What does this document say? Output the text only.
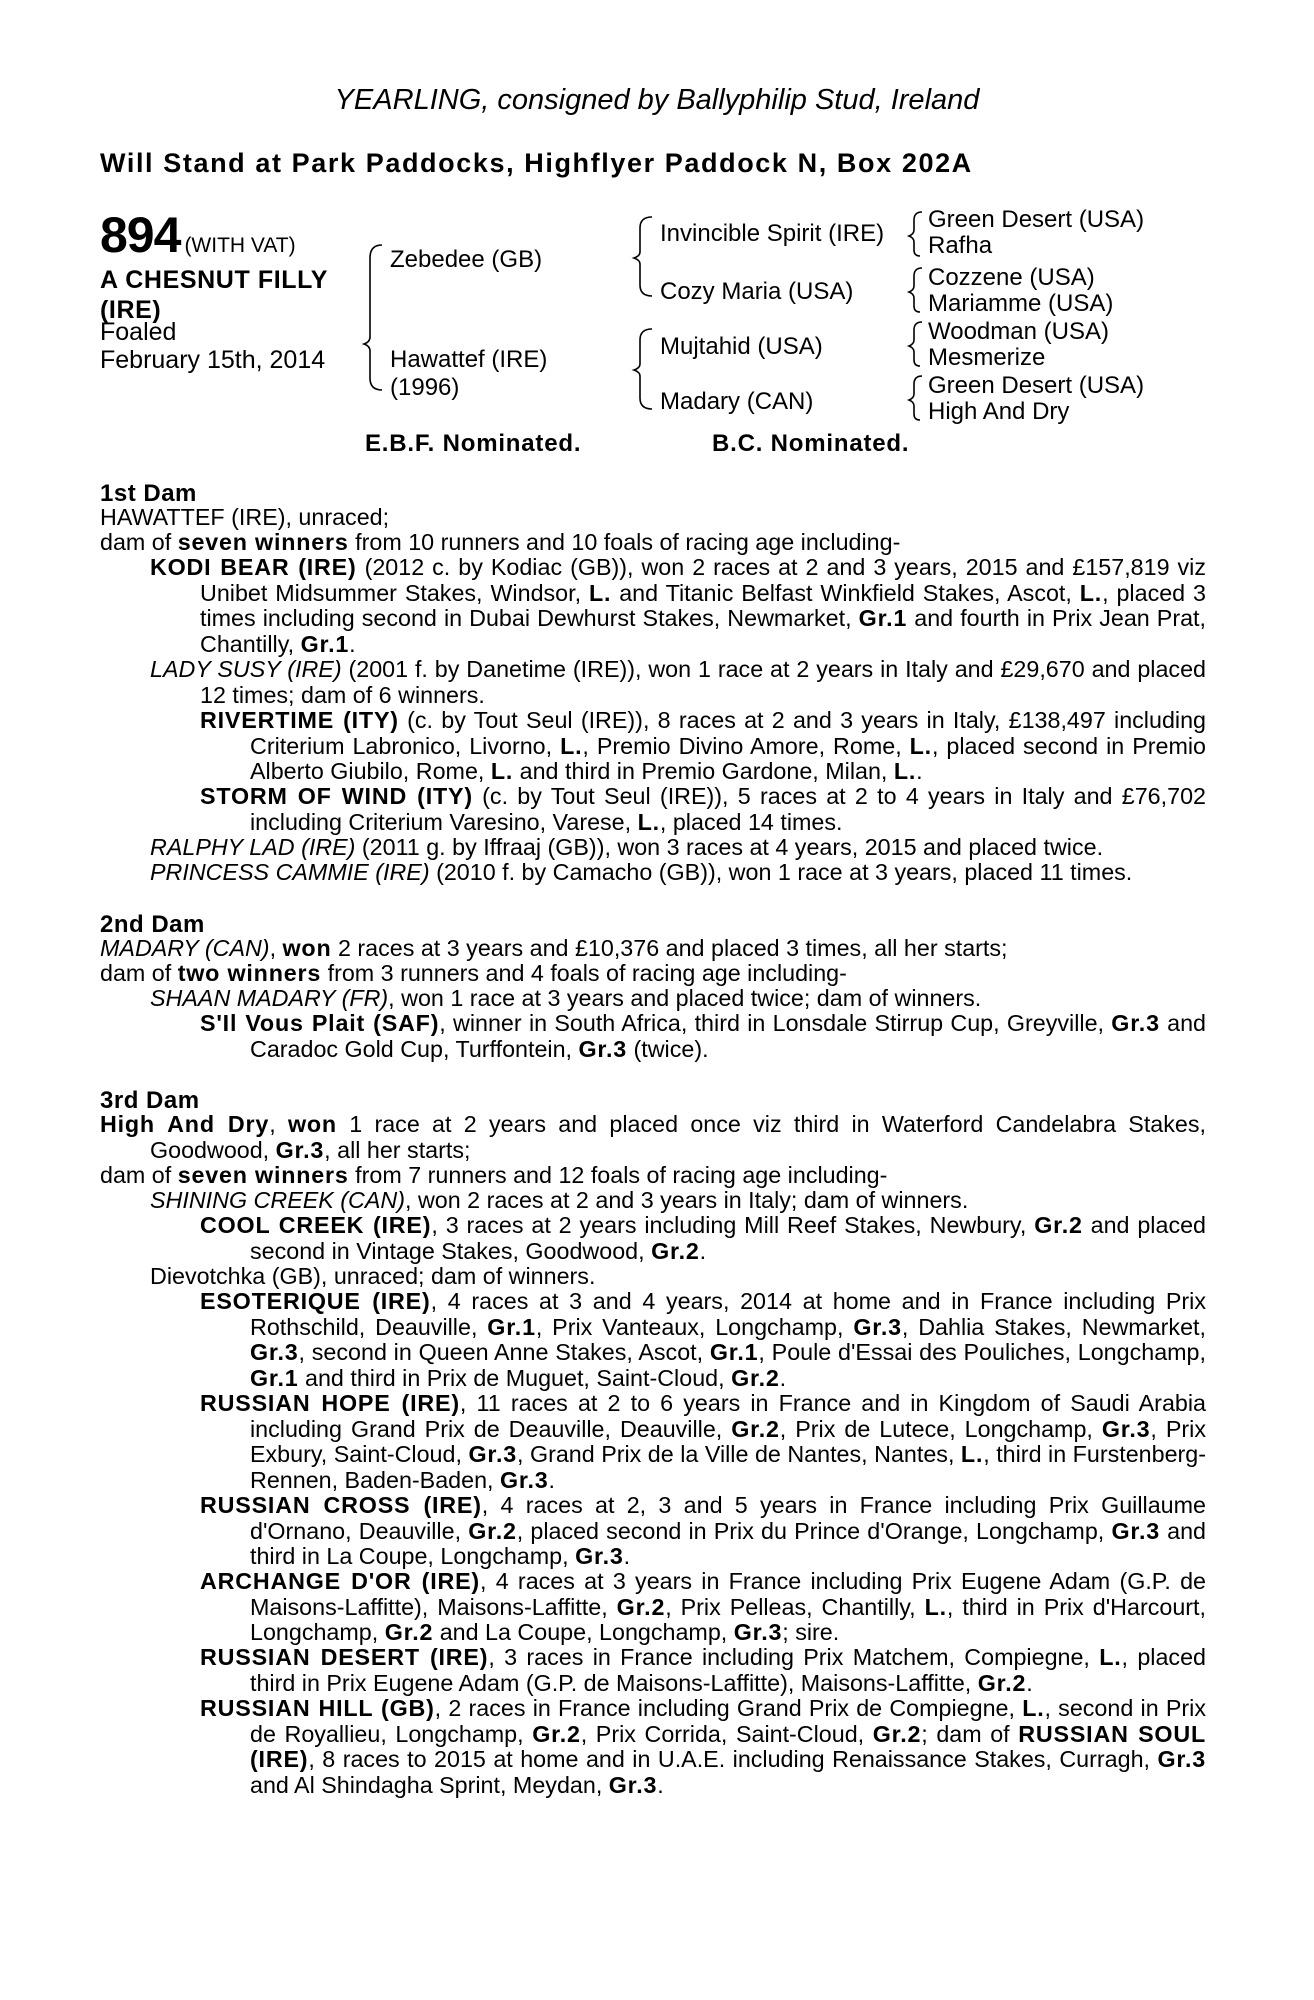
YEARLING, consigned by Ballyphilip Stud, Ireland
Will Stand at Park Paddocks, Highflyer Paddock N, Box 202A
894 (WITH VAT)
A CHESNUT FILLY (IRE)
Foaled
February 15th, 2014
Zebedee (GB)
Hawattef (IRE)
(1996)
Invincible Spirit (IRE)
Cozy Maria (USA)
Mujtahid (USA)
Madary (CAN)
Green Desert (USA)
Rafha
Cozzene (USA)
Mariamme (USA)
Woodman (USA)
Mesmerize
Green Desert (USA)
High And Dry
E.B.F. Nominated.	B.C. Nominated.
1st Dam
HAWATTEF (IRE), unraced;
dam of seven winners from 10 runners and 10 foals of racing age including-
KODI BEAR (IRE) (2012 c. by Kodiac (GB)), won 2 races at 2 and 3 years, 2015 and £157,819 viz Unibet Midsummer Stakes, Windsor, L. and Titanic Belfast Winkfield Stakes, Ascot, L., placed 3 times including second in Dubai Dewhurst Stakes, Newmarket, Gr.1 and fourth in Prix Jean Prat, Chantilly, Gr.1.
LADY SUSY (IRE) (2001 f. by Danetime (IRE)), won 1 race at 2 years in Italy and £29,670 and placed 12 times; dam of 6 winners.
RIVERTIME (ITY) (c. by Tout Seul (IRE)), 8 races at 2 and 3 years in Italy, £138,497 including Criterium Labronico, Livorno, L., Premio Divino Amore, Rome, L., placed second in Premio Alberto Giubilo, Rome, L. and third in Premio Gardone, Milan, L..
STORM OF WIND (ITY) (c. by Tout Seul (IRE)), 5 races at 2 to 4 years in Italy and £76,702 including Criterium Varesino, Varese, L., placed 14 times.
RALPHY LAD (IRE) (2011 g. by Iffraaj (GB)), won 3 races at 4 years, 2015 and placed twice.
PRINCESS CAMMIE (IRE) (2010 f. by Camacho (GB)), won 1 race at 3 years, placed 11 times.
2nd Dam
MADARY (CAN), won 2 races at 3 years and £10,376 and placed 3 times, all her starts;
dam of two winners from 3 runners and 4 foals of racing age including-
SHAAN MADARY (FR), won 1 race at 3 years and placed twice; dam of winners.
S'Il Vous Plait (SAF), winner in South Africa, third in Lonsdale Stirrup Cup, Greyville, Gr.3 and Caradoc Gold Cup, Turffontein, Gr.3 (twice).
3rd Dam
High And Dry, won 1 race at 2 years and placed once viz third in Waterford Candelabra Stakes, Goodwood, Gr.3, all her starts;
dam of seven winners from 7 runners and 12 foals of racing age including-
SHINING CREEK (CAN), won 2 races at 2 and 3 years in Italy; dam of winners.
COOL CREEK (IRE), 3 races at 2 years including Mill Reef Stakes, Newbury, Gr.2 and placed second in Vintage Stakes, Goodwood, Gr.2.
Dievotchka (GB), unraced; dam of winners.
ESOTERIQUE (IRE), 4 races at 3 and 4 years, 2014 at home and in France including Prix Rothschild, Deauville, Gr.1, Prix Vanteaux, Longchamp, Gr.3, Dahlia Stakes, Newmarket, Gr.3, second in Queen Anne Stakes, Ascot, Gr.1, Poule d'Essai des Pouliches, Longchamp, Gr.1 and third in Prix de Muguet, Saint-Cloud, Gr.2.
RUSSIAN HOPE (IRE), 11 races at 2 to 6 years in France and in Kingdom of Saudi Arabia including Grand Prix de Deauville, Deauville, Gr.2, Prix de Lutece, Longchamp, Gr.3, Prix Exbury, Saint-Cloud, Gr.3, Grand Prix de la Ville de Nantes, Nantes, L., third in Furstenberg-Rennen, Baden-Baden, Gr.3.
RUSSIAN CROSS (IRE), 4 races at 2, 3 and 5 years in France including Prix Guillaume d'Ornano, Deauville, Gr.2, placed second in Prix du Prince d'Orange, Longchamp, Gr.3 and third in La Coupe, Longchamp, Gr.3.
ARCHANGE D'OR (IRE), 4 races at 3 years in France including Prix Eugene Adam (G.P. de Maisons-Laffitte), Maisons-Laffitte, Gr.2, Prix Pelleas, Chantilly, L., third in Prix d'Harcourt, Longchamp, Gr.2 and La Coupe, Longchamp, Gr.3; sire.
RUSSIAN DESERT (IRE), 3 races in France including Prix Matchem, Compiegne, L., placed third in Prix Eugene Adam (G.P. de Maisons-Laffitte), Maisons-Laffitte, Gr.2.
RUSSIAN HILL (GB), 2 races in France including Grand Prix de Compiegne, L., second in Prix de Royallieu, Longchamp, Gr.2, Prix Corrida, Saint-Cloud, Gr.2; dam of RUSSIAN SOUL (IRE), 8 races to 2015 at home and in U.A.E. including Renaissance Stakes, Curragh, Gr.3 and Al Shindagha Sprint, Meydan, Gr.3.
